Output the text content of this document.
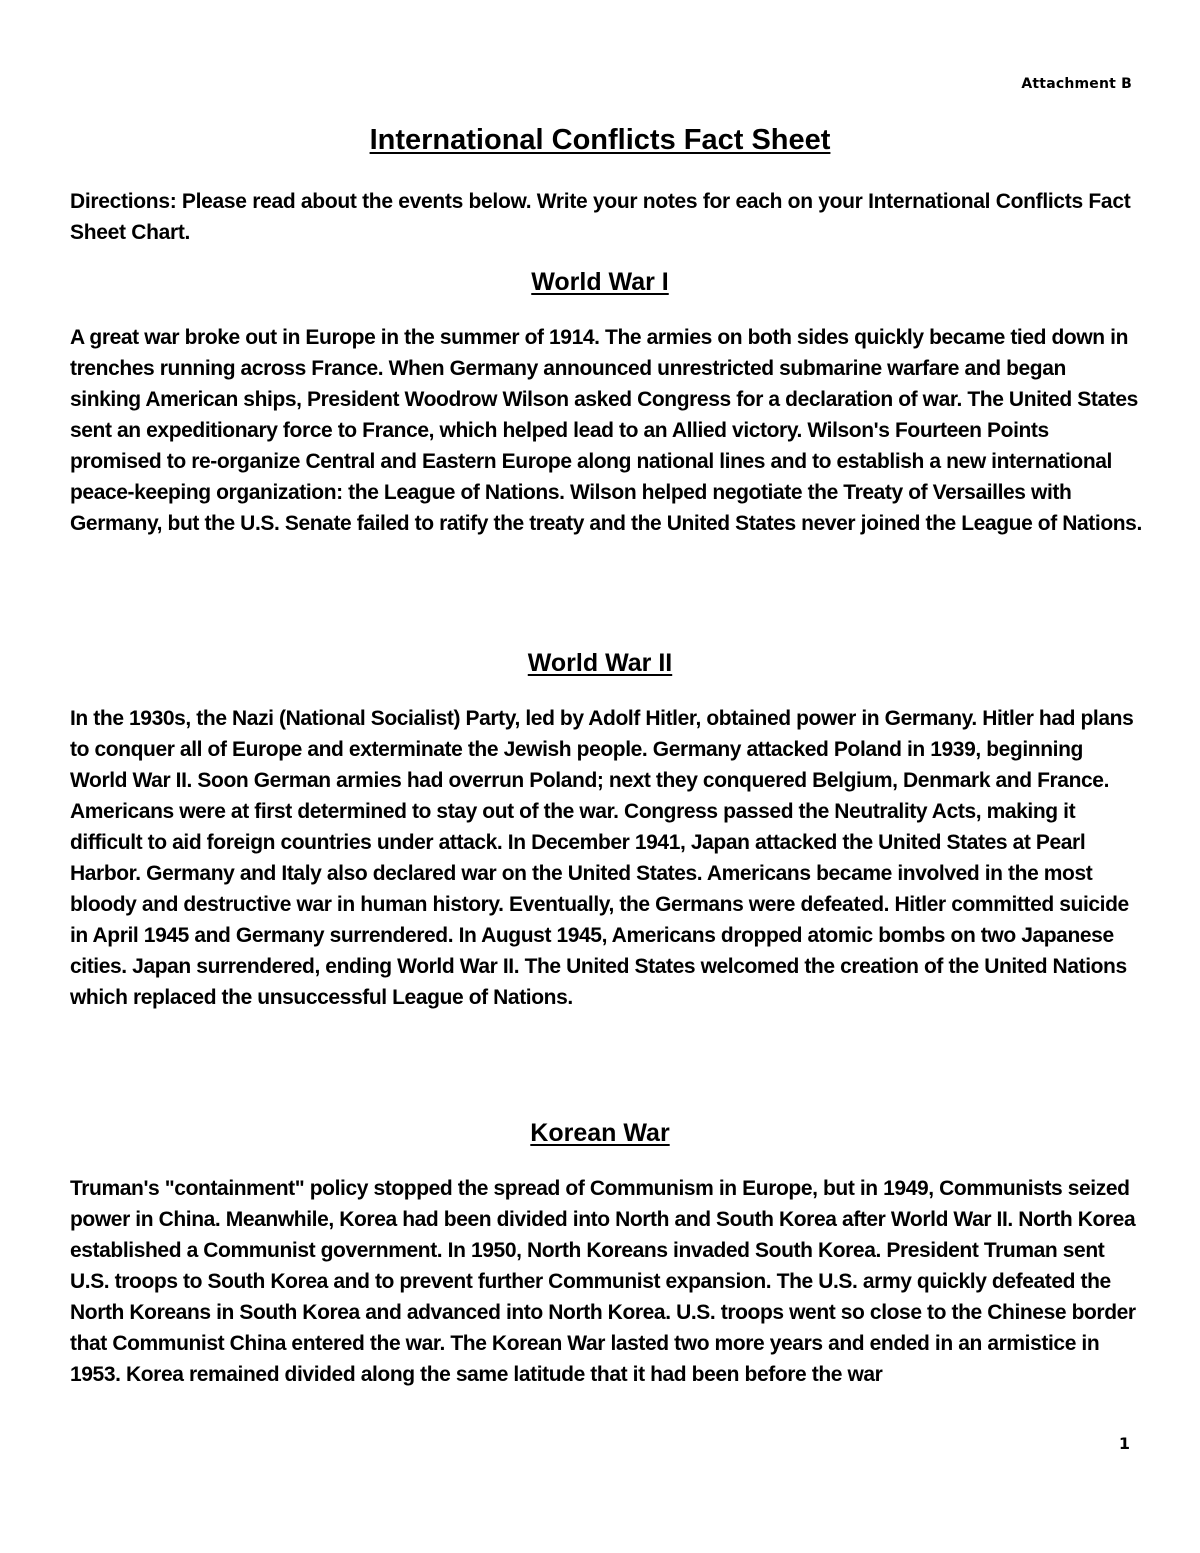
Attachment B
International Conflicts Fact Sheet

Directions: Please read about the events below. Write your notes for each on your International Conflicts Fact Sheet Chart.

World War I

A great war broke out in Europe in the summer of 1914. The armies on both sides quickly became tied down in trenches running across France. When Germany announced unrestricted submarine warfare and began sinking American ships, President Woodrow Wilson asked Congress for a declaration of war. The United States sent an expeditionary force to France, which helped lead to an Allied victory. Wilson's Fourteen Points promised to re-organize Central and Eastern Europe along national lines and to establish a new international peace-keeping organization: the League of Nations. Wilson helped negotiate the Treaty of Versailles with Germany, but the U.S. Senate failed to ratify the treaty and the United States never joined the League of Nations.

World War II

In the 1930s, the Nazi (National Socialist) Party, led by Adolf Hitler, obtained power in Germany. Hitler had plans to conquer all of Europe and exterminate the Jewish people. Germany attacked Poland in 1939, beginning World War II. Soon German armies had overrun Poland; next they conquered Belgium, Denmark and France. Americans were at first determined to stay out of the war. Congress passed the Neutrality Acts, making it difficult to aid foreign countries under attack. In December 1941, Japan attacked the United States at Pearl Harbor. Germany and Italy also declared war on the United States. Americans became involved in the most bloody and destructive war in human history. Eventually, the Germans were defeated. Hitler committed suicide in April 1945 and Germany surrendered. In August 1945, Americans dropped atomic bombs on two Japanese cities. Japan surrendered, ending World War II. The United States welcomed the creation of the United Nations which replaced the unsuccessful League of Nations.

Korean War

Truman's "containment" policy stopped the spread of Communism in Europe, but in 1949, Communists seized power in China. Meanwhile, Korea had been divided into North and South Korea after World War II. North Korea established a Communist government. In 1950, North Koreans invaded South Korea. President Truman sent U.S. troops to South Korea and to prevent further Communist expansion. The U.S. army quickly defeated the North Koreans in South Korea and advanced into North Korea. U.S. troops went so close to the Chinese border that Communist China entered the war. The Korean War lasted two more years and ended in an armistice in 1953. Korea remained divided along the same latitude that it had been before the war

1
